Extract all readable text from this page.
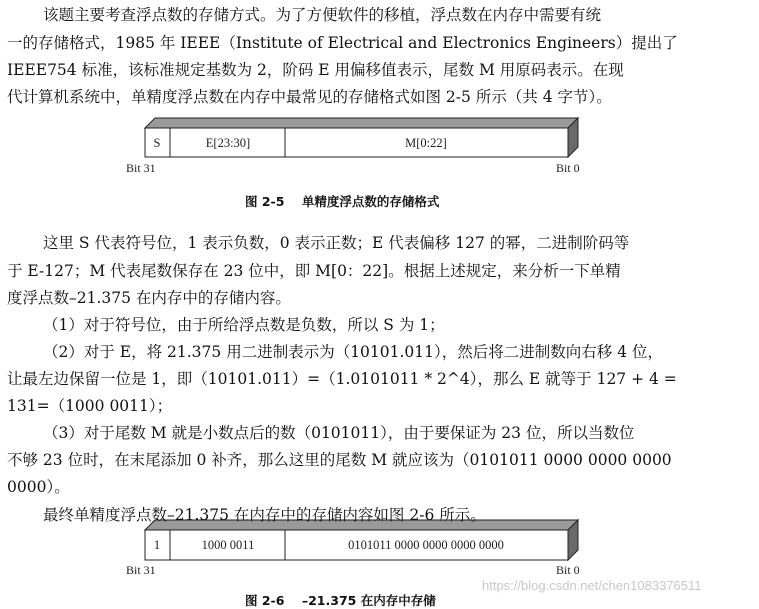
该题主要考查浮点数的存储方式。为了方便软件的移植，浮点数在内存中需要有统
一的存储格式，1985 年 IEEE（Institute of Electrical and Electronics Engineers）提出了
IEEE754 标准，该标准规定基数为 2，阶码 E 用偏移值表示，尾数 M 用原码表示。在现
代计算机系统中，单精度浮点数在内存中最常见的存储格式如图 2-5 所示（共 4 字节）。
S	E[23:30]	M[0:22]
Bit 31	Bit 0
1	1000 0011	0101011 0000 0000 0000 0000
Bit 31	Bit 0
图 2-5 单精度浮点数的存储格式
这里 S 代表符号位，1 表示负数，0 表示正数；E 代表偏移 127 的幂，二进制阶码等
于 E-127；M 代表尾数保存在 23 位中，即 M[0：22]。根据上述规定，来分析一下单精
度浮点数–21.375 在内存中的存储内容。
（1）对于符号位，由于所给浮点数是负数，所以 S 为 1；
（2）对于 E，将 21.375 用二进制表示为（10101.011），然后将二进制数向右移 4 位，
让最左边保留一位是 1，即（10101.011）=（1.0101011 * 2^4），那么 E 就等于 127 + 4 =
131=（1000 0011）；
（3）对于尾数 M 就是小数点后的数（0101011），由于要保证为 23 位，所以当数位
不够 23 位时，在末尾添加 0 补齐，那么这里的尾数 M 就应该为（0101011 0000 0000 0000
0000）。
最终单精度浮点数–21.375 在内存中的存储内容如图 2-6 所示。
图 2-6 –21.375 在内存中存储
https://blog.csdn.net/chen1083376511
